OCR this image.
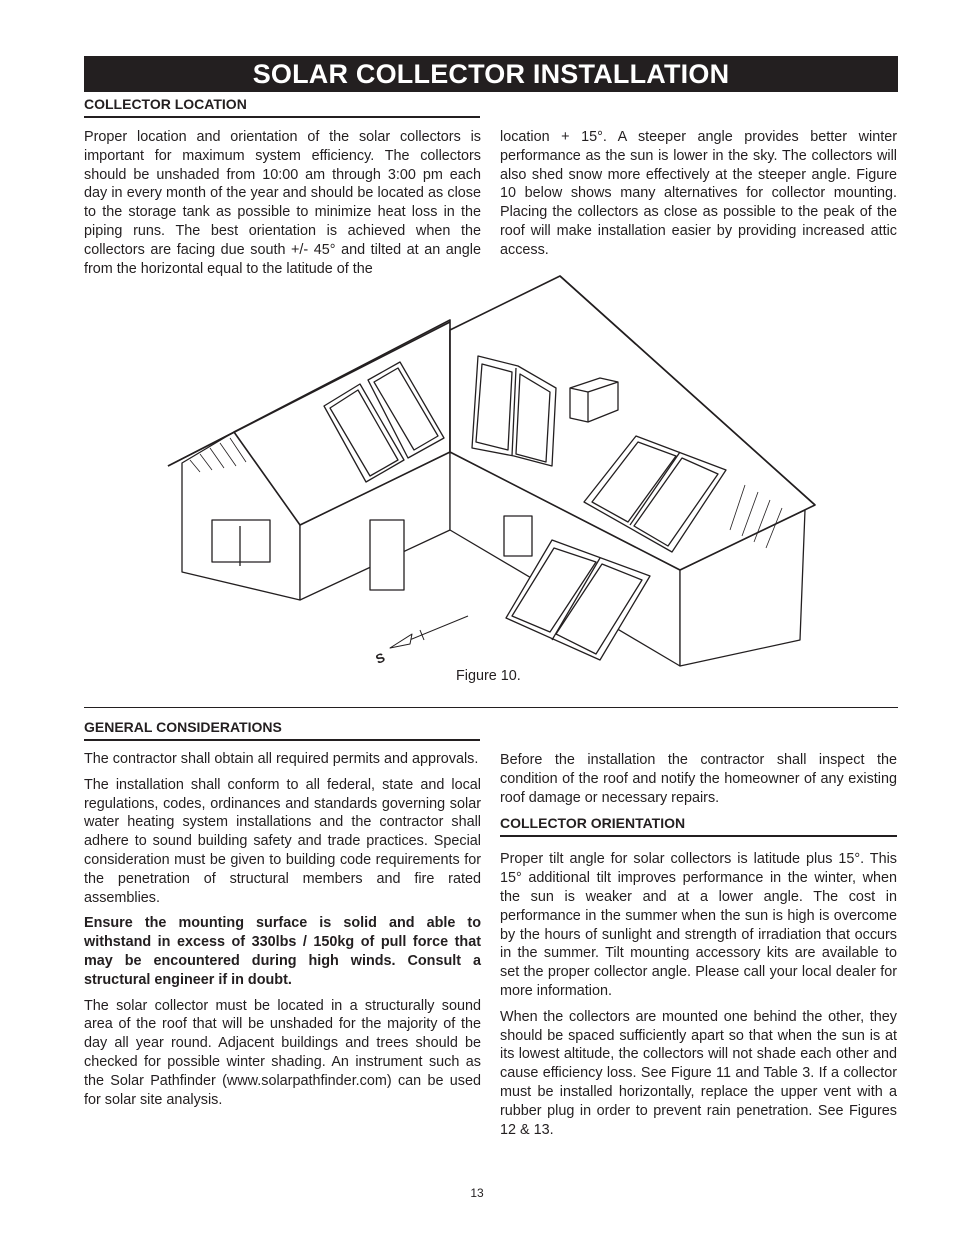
SOLAR COLLECTOR INSTALLATION
COLLECTOR LOCATION

Proper location and orientation of the solar collectors is important for maximum system efficiency. The collectors should be unshaded from 10:00 am through 3:00 pm each day in every month of the year and should be located as close to the storage tank as possible to minimize heat loss in the piping runs. The best orientation is achieved when the collectors are facing due south +/- 45° and tilted at an angle from the horizontal equal to the latitude of the

location + 15°. A steeper angle provides better winter performance as the sun is lower in the sky. The collectors will also shed snow more effectively at the steeper angle. Figure 10 below shows many alternatives for collector mounting. Placing the collectors as close as possible to the peak of the roof will make installation easier by providing increased attic access.

S
Figure 10.
GENERAL CONSIDERATIONS

The contractor shall obtain all required permits and approvals.

The installation shall conform to all federal, state and local regulations, codes, ordinances and standards governing solar water heating system installations and the contractor shall adhere to sound building safety and trade practices. Special consideration must be given to building code requirements for the penetration of structural members and fire rated assemblies.

Ensure the mounting surface is solid and able to withstand in excess of 330lbs / 150kg of pull force that may be encountered during high winds. Consult a structural engineer if in doubt.

The solar collector must be located in a structurally sound area of the roof that will be unshaded for the majority of the day all year round. Adjacent buildings and trees should be checked for possible winter shading. An instrument such as the Solar Pathfinder (www.solarpathfinder.com) can be used for solar site analysis.

Before the installation the contractor shall inspect the condition of the roof and notify the homeowner of any existing roof damage or necessary repairs.

COLLECTOR ORIENTATION

Proper tilt angle for solar collectors is latitude plus 15°. This 15° additional tilt improves performance in the winter, when the sun is weaker and at a lower angle. The cost in performance in the summer when the sun is high is overcome by the hours of sunlight and strength of irradiation that occurs in the summer. Tilt mounting accessory kits are available to set the proper collector angle. Please call your local dealer for more information.

When the collectors are mounted one behind the other, they should be spaced sufficiently apart so that when the sun is at its lowest altitude, the collectors will not shade each other and cause efficiency loss. See Figure 11 and Table 3. If a collector must be installed horizontally, replace the upper vent with a rubber plug in order to prevent rain penetration. See Figures 12 & 13.

13
